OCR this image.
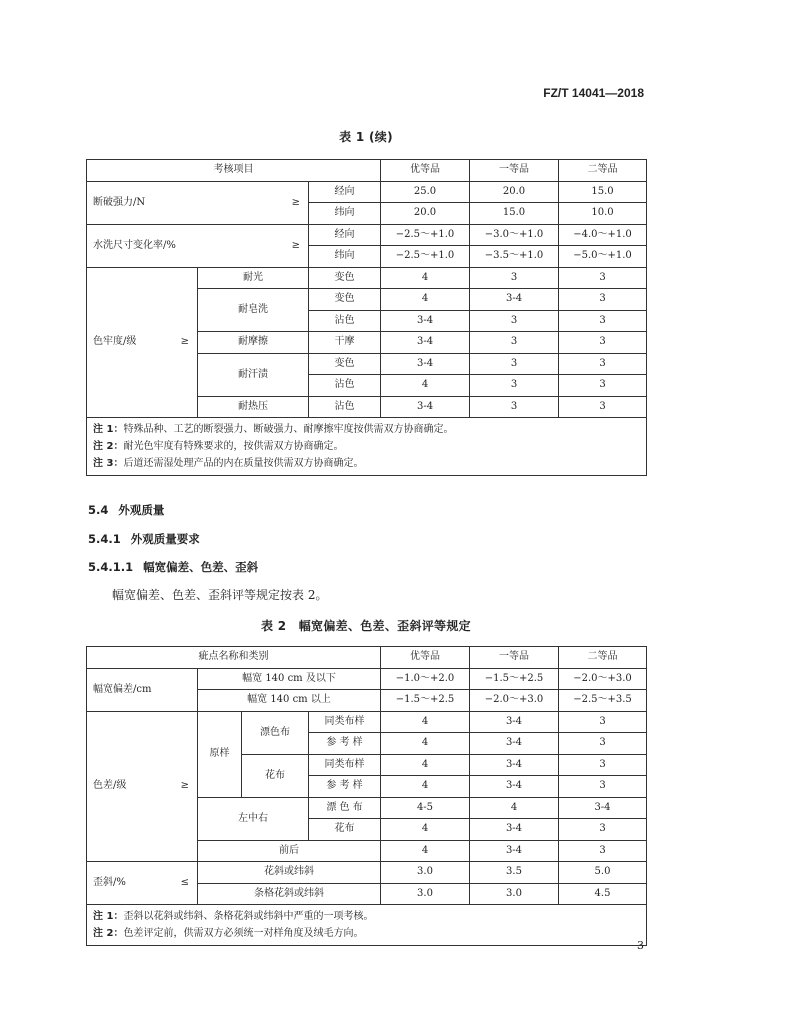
FZ/T 14041—2018
表 1 (续)
考核项目			优等品	一等品	二等品
断破强力/N ≥		经向	25.0	20.0	15.0
		纬向	20.0	15.0	10.0
水洗尺寸变化率/% ≥		经向	−2.5～+1.0	−3.0～+1.0	−4.0～+1.0
		纬向	−2.5～+1.0	−3.5～+1.0	−5.0～+1.0
色牢度/级 ≥	耐光	变色	4	3	3
	耐皂洗	变色	4	3-4	3
		沾色	3-4	3	3
	耐摩擦	干摩	3-4	3	3
	耐汗渍	变色	3-4	3	3
		沾色	4	3	3
	耐热压	沾色	3-4	3	3

注 1：特殊品种、工艺的断裂强力、断破强力、耐摩擦牢度按供需双方协商确定。
注 2：耐光色牢度有特殊要求的，按供需双方协商确定。
注 3：后道还需湿处理产品的内在质量按供需双方协商确定。					
5.4 外观质量
5.4.1 外观质量要求
5.4.1.1 幅宽偏差、色差、歪斜
幅宽偏差、色差、歪斜评等规定按表 2。
表 2　幅宽偏差、色差、歪斜评等规定
疵点名称和类别				优等品	一等品	二等品
幅宽偏差/cm	幅宽 140 cm 及以下			−1.0～+2.0	−1.5～+2.5	−2.0～+3.0
	幅宽 140 cm 以上			−1.5～+2.5	−2.0～+3.0	−2.5～+3.5
色差/级 ≥	原样	漂色布	同类布样	4	3-4	3
			参 考 样	4	3-4	3
		花布	同类布样	4	3-4	3
			参 考 样	4	3-4	3
	左中右		漂 色 布	4-5	4	3-4
			花布	4	3-4	3
	前后			4	3-4	3
歪斜/% ≤	花斜或纬斜			3.0	3.5	5.0
	条格花斜或纬斜			3.0	3.0	4.5

注 1：歪斜以花斜或纬斜、条格花斜或纬斜中严重的一项考核。
注 2：色差评定前，供需双方必须统一对样角度及绒毛方向。						
3
